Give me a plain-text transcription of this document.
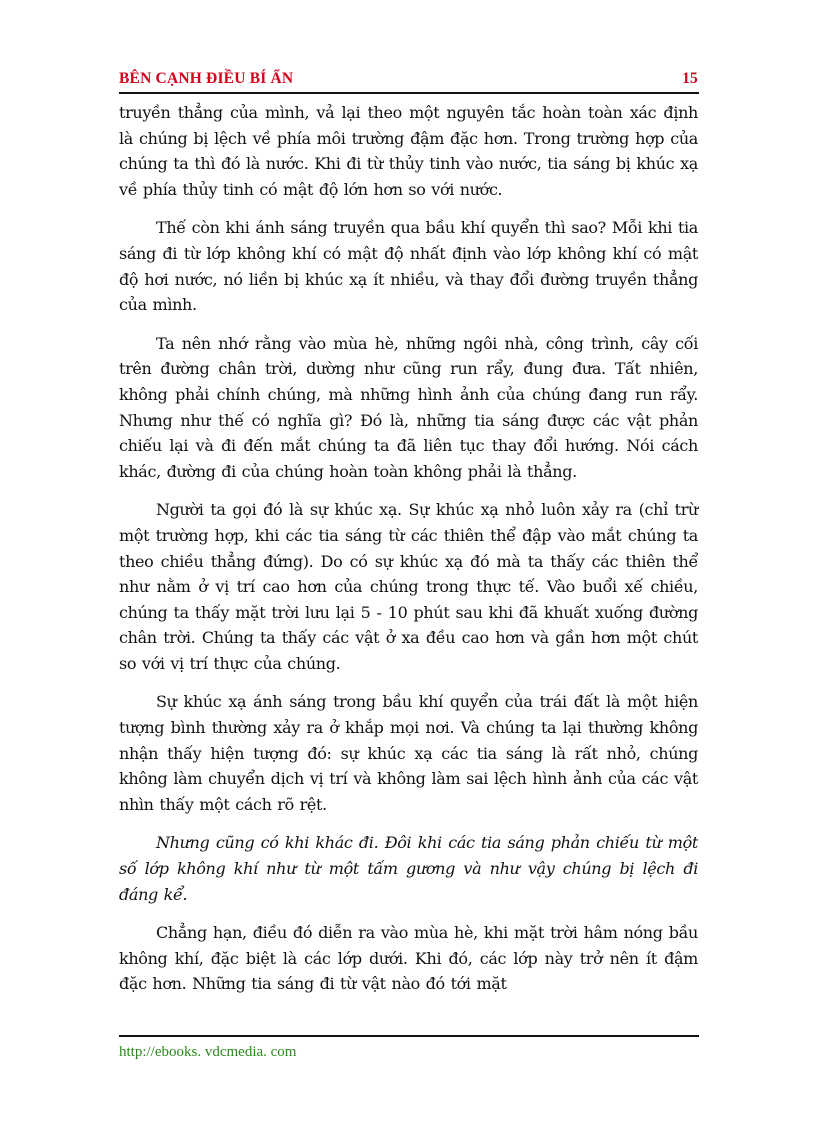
BÊN CẠNH ĐIỀU BÍ ẨN	15

truyền thẳng của mình, vả lại theo một nguyên tắc hoàn toàn xác định là chúng bị lệch về phía môi trường đậm đặc hơn. Trong trường hợp của chúng ta thì đó là nước. Khi đi từ thủy tinh vào nước, tia sáng bị khúc xạ về phía thủy tinh có mật độ lớn hơn so với nước.

Thế còn khi ánh sáng truyền qua bầu khí quyển thì sao? Mỗi khi tia sáng đi từ lớp không khí có mật độ nhất định vào lớp không khí có mật độ hơi nước, nó liền bị khúc xạ ít nhiều, và thay đổi đường truyền thẳng của mình.

Ta nên nhớ rằng vào mùa hè, những ngôi nhà, công trình, cây cối trên đường chân trời, dường như cũng run rẩy, đung đưa. Tất nhiên, không phải chính chúng, mà những hình ảnh của chúng đang run rẩy. Nhưng như thế có nghĩa gì? Đó là, những tia sáng được các vật phản chiếu lại và đi đến mắt chúng ta đã liên tục thay đổi hướng. Nói cách khác, đường đi của chúng hoàn toàn không phải là thẳng.

Người ta gọi đó là sự khúc xạ. Sự khúc xạ nhỏ luôn xảy ra (chỉ trừ một trường hợp, khi các tia sáng từ các thiên thể đập vào mắt chúng ta theo chiều thẳng đứng). Do có sự khúc xạ đó mà ta thấy các thiên thể như nằm ở vị trí cao hơn của chúng trong thực tế. Vào buổi xế chiều, chúng ta thấy mặt trời lưu lại 5 - 10 phút sau khi đã khuất xuống đường chân trời. Chúng ta thấy các vật ở xa đều cao hơn và gần hơn một chút so với vị trí thực của chúng.

Sự khúc xạ ánh sáng trong bầu khí quyển của trái đất là một hiện tượng bình thường xảy ra ở khắp mọi nơi. Và chúng ta lại thường không nhận thấy hiện tượng đó: sự khúc xạ các tia sáng là rất nhỏ, chúng không làm chuyển dịch vị trí và không làm sai lệch hình ảnh của các vật nhìn thấy một cách rõ rệt.

Nhưng cũng có khi khác đi. Đôi khi các tia sáng phản chiếu từ một số lớp không khí như từ một tấm gương và như vậy chúng bị lệch đi đáng kể.

Chẳng hạn, điều đó diễn ra vào mùa hè, khi mặt trời hâm nóng bầu không khí, đặc biệt là các lớp dưới. Khi đó, các lớp này trở nên ít đậm đặc hơn. Những tia sáng đi từ vật nào đó tới mặt

http://ebooks. vdcmedia. com
